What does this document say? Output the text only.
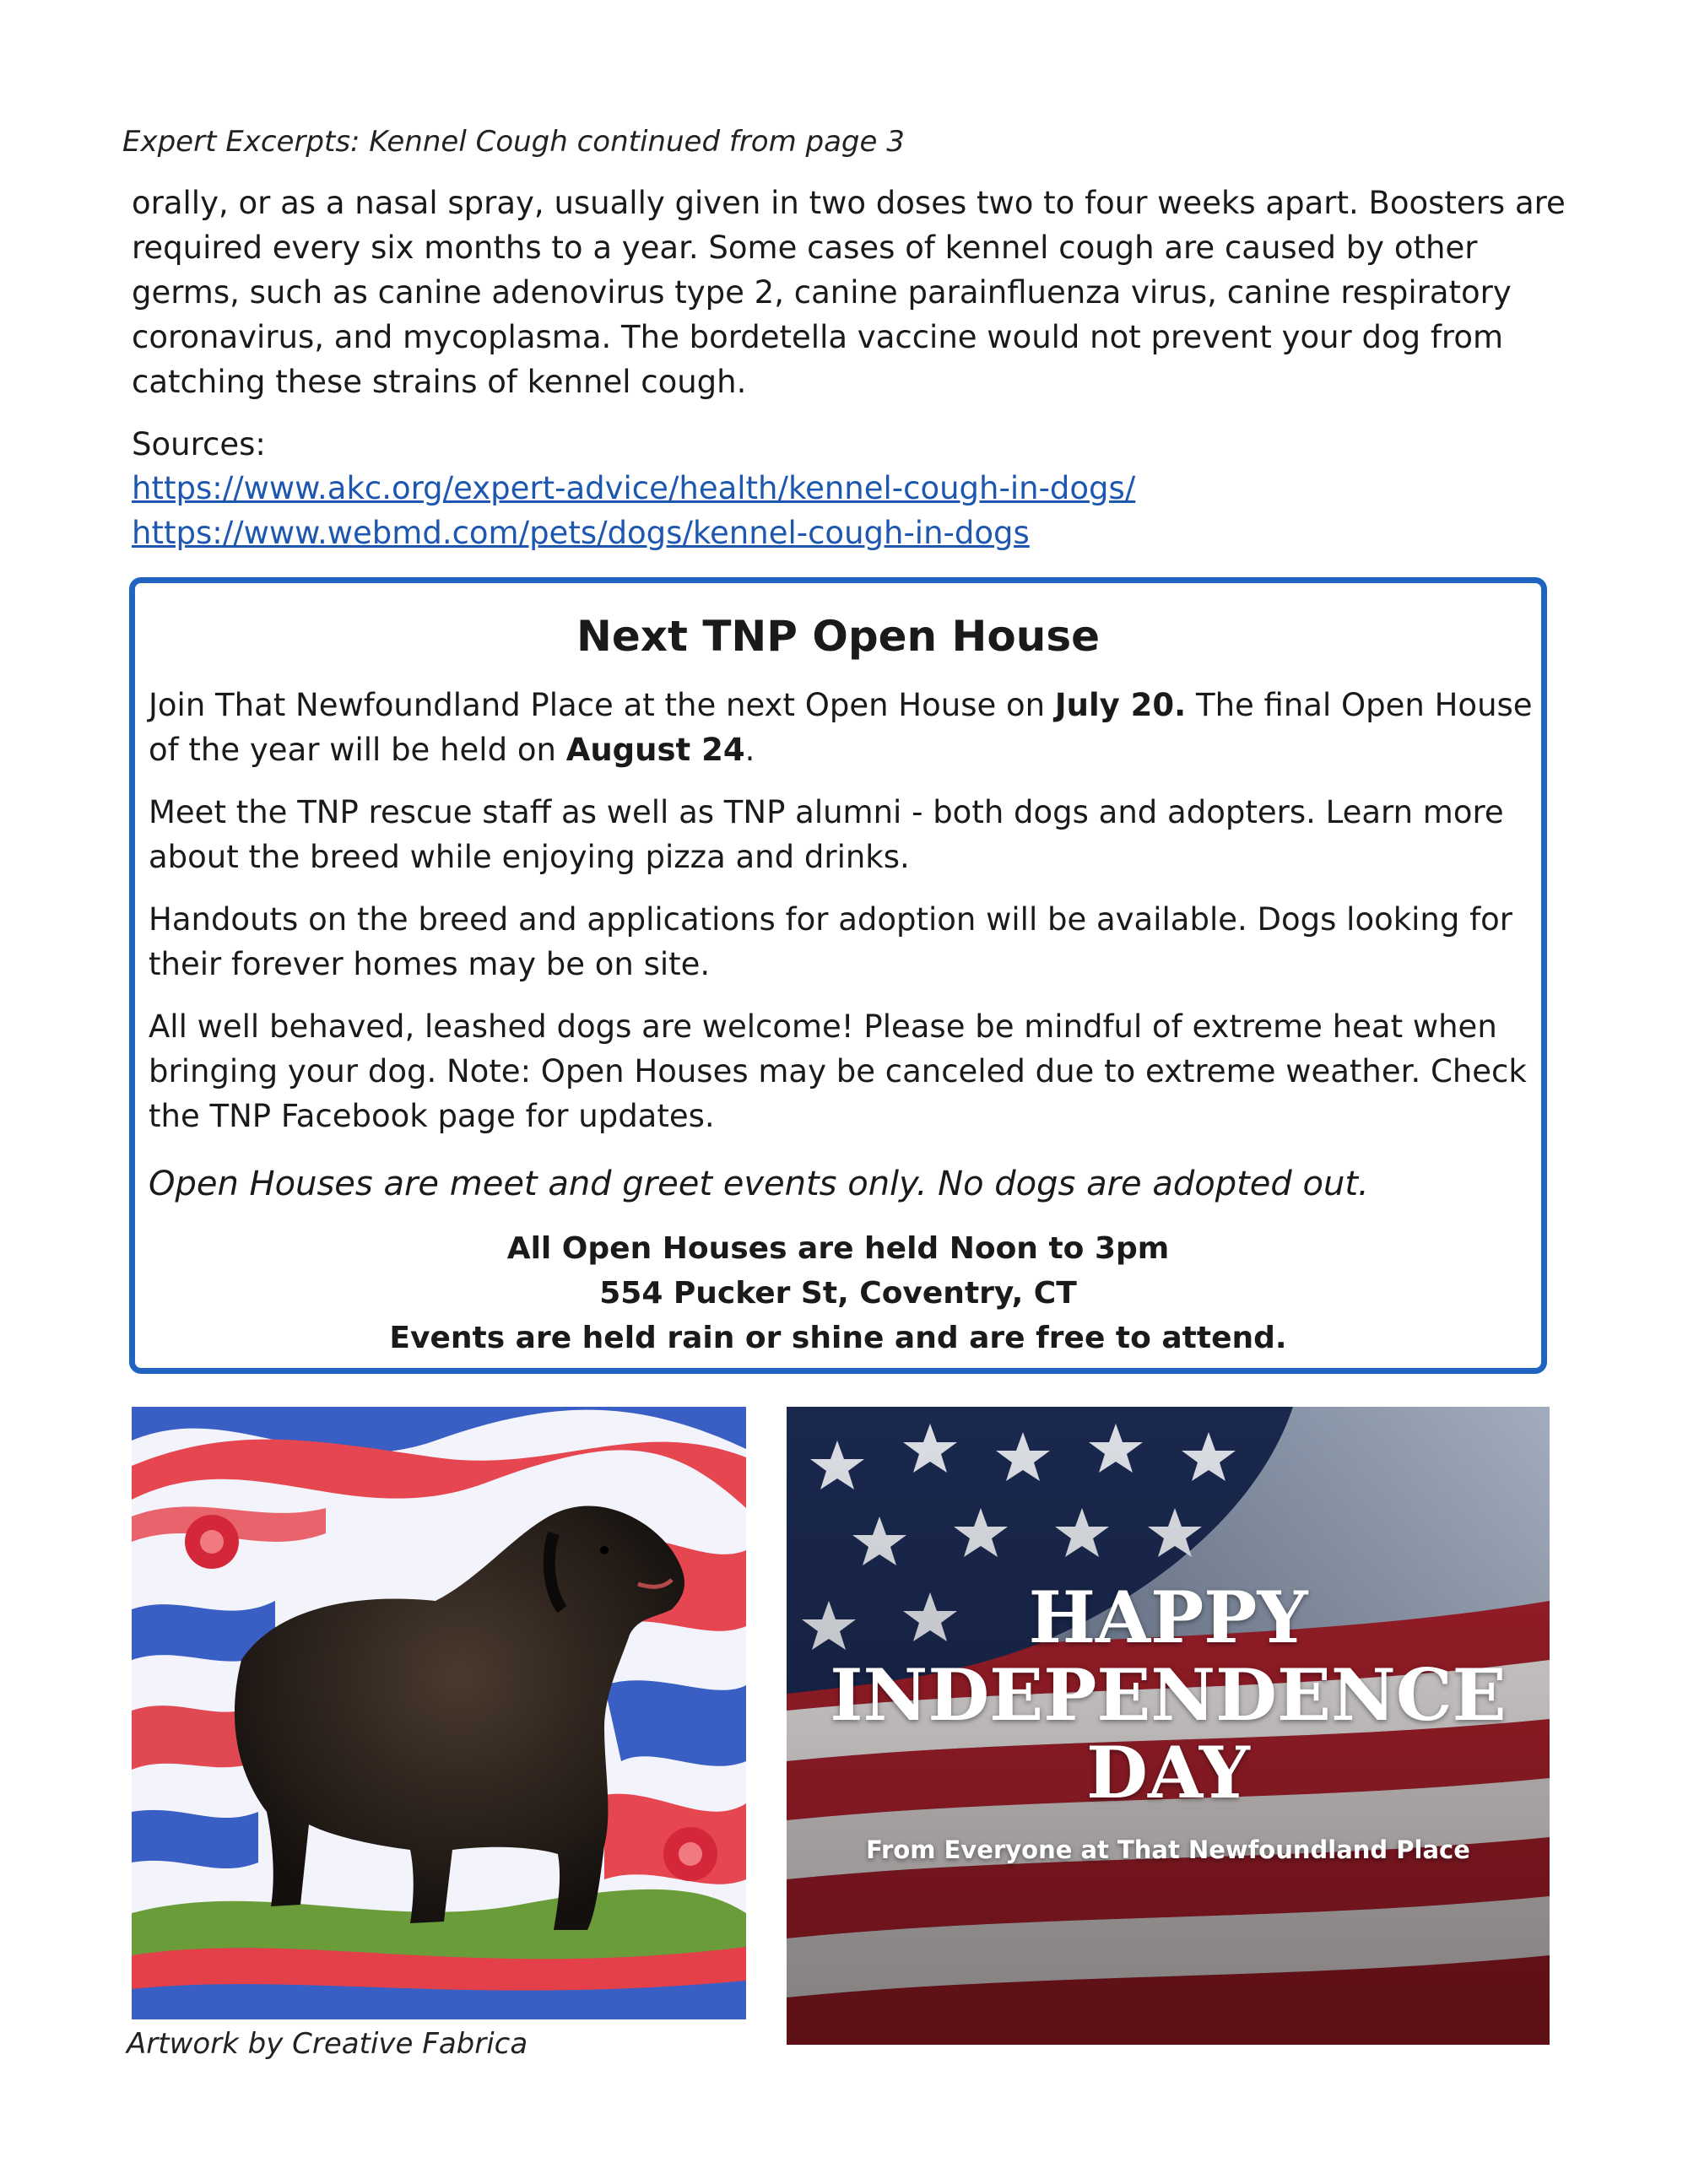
Expert Excerpts: Kennel Cough continued from page 3

orally, or as a nasal spray, usually given in two doses two to four weeks apart. Boosters are required every six months to a year. Some cases of kennel cough are caused by other germs, such as canine adenovirus type 2, canine parainfluenza virus, canine respiratory coronavirus, and mycoplasma. The bordetella vaccine would not prevent your dog from catching these strains of kennel cough.

Sources:
https://www.akc.org/expert-advice/health/kennel-cough-in-dogs/
https://www.webmd.com/pets/dogs/kennel-cough-in-dogs
Next TNP Open House

Join That Newfoundland Place at the next Open House on July 20. The final Open House of the year will be held on August 24.

Meet the TNP rescue staff as well as TNP alumni - both dogs and adopters. Learn more about the breed while enjoying pizza and drinks.

Handouts on the breed and applications for adoption will be available. Dogs looking for their forever homes may be on site.

All well behaved, leashed dogs are welcome! Please be mindful of extreme heat when bringing your dog. Note: Open Houses may be canceled due to extreme weather. Check the TNP Facebook page for updates.

Open Houses are meet and greet events only. No dogs are adopted out.

All Open Houses are held Noon to 3pm
554 Pucker St, Coventry, CT
Events are held rain or shine and are free to attend.
Artwork by Creative Fabrica
HAPPY
INDEPENDENCE
DAY
From Everyone at That Newfoundland Place
